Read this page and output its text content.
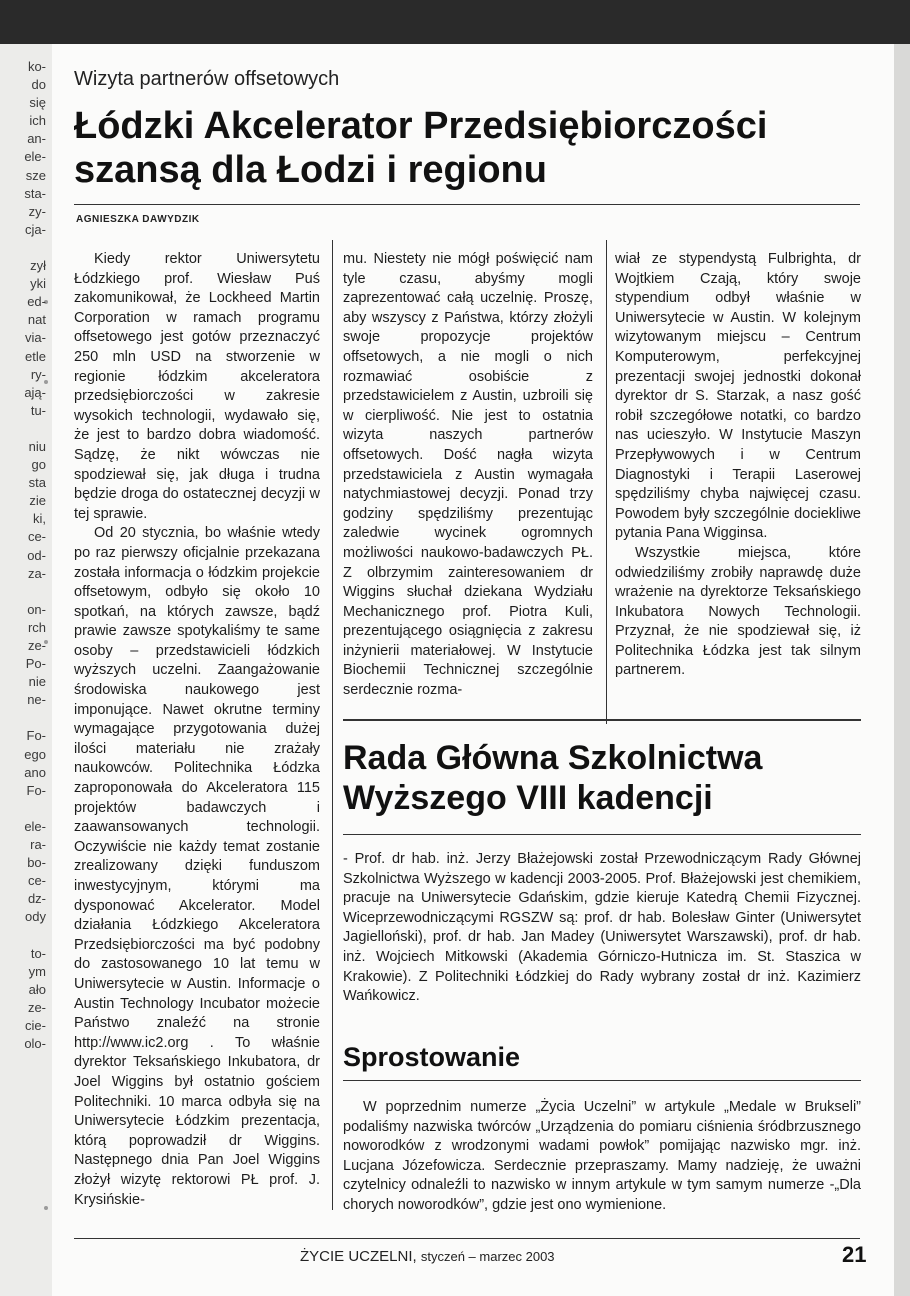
ko-
do
się
ich
an-
ele-
sze
sta-
zy-
cja-

zył
yki
ed-
nat
via-
etle
ry-
ają-
tu-

niu
go
sta
zie
ki,
ce-
od-
za-

on-
rch
ze-
Po-
nie
ne-

Fo-
ego
ano
Fo-

ele-
ra-
bo-
ce-
dz-
ody

to-
ym
ało
ze-
cie-
olo-
Wizyta partnerów offsetowych
Łódzki Akcelerator Przedsiębiorczości szansą dla Łodzi i regionu
AGNIESZKA DAWYDZIK

Kiedy rektor Uniwersytetu Łódzkiego prof. Wiesław Puś zakomunikował, że Lockheed Martin Corporation w ramach programu offsetowego jest gotów przeznaczyć 250 mln USD na stworzenie w regionie łódzkim akceleratora przedsiębiorczości w zakresie wysokich technologii, wydawało się, że jest to bardzo dobra wiadomość. Sądzę, że nikt wówczas nie spodziewał się, jak długa i trudna będzie droga do ostatecznej decyzji w tej sprawie.

Od 20 stycznia, bo właśnie wtedy po raz pierwszy oficjalnie przekazana została informacja o łódzkim projekcie offsetowym, odbyło się około 10 spotkań, na których zawsze, bądź prawie zawsze spotykaliśmy te same osoby – przedstawicieli łódzkich wyższych uczelni. Zaangażowanie środowiska naukowego jest imponujące. Nawet okrutne terminy wymagające przygotowania dużej ilości materiału nie zrażały naukowców. Politechnika Łódzka zaproponowała do Akceleratora 115 projektów badawczych i zaawansowanych technologii. Oczywiście nie każdy temat zostanie zrealizowany dzięki funduszom inwestycyjnym, którymi ma dysponować Akcelerator. Model działania Łódzkiego Akceleratora Przedsiębiorczości ma być podobny do zastosowanego 10 lat temu w Uniwersytecie w Austin. Informacje o Austin Technology Incubator możecie Państwo znaleźć na stronie http://www.ic2.org . To właśnie dyrektor Teksańskiego Inkubatora, dr Joel Wiggins był ostatnio gościem Politechniki. 10 marca odbyła się na Uniwersytecie Łódzkim prezentacja, którą poprowadził dr Wiggins. Następnego dnia Pan Joel Wiggins złożył wizytę rektorowi PŁ prof. J. Krysińskie-

mu. Niestety nie mógł poświęcić nam tyle czasu, abyśmy mogli zaprezentować całą uczelnię. Proszę, aby wszyscy z Państwa, którzy złożyli swoje propozycje projektów offsetowych, a nie mogli o nich rozmawiać osobiście z przedstawicielem z Austin, uzbroili się w cierpliwość. Nie jest to ostatnia wizyta naszych partnerów offsetowych. Dość nagła wizyta przedstawiciela z Austin wymagała natychmiastowej decyzji. Ponad trzy godziny spędziliśmy prezentując zaledwie wycinek ogromnych możliwości naukowo-badawczych PŁ. Z olbrzymim zainteresowaniem dr Wiggins słuchał dziekana Wydziału Mechanicznego prof. Piotra Kuli, prezentującego osiągnięcia z zakresu inżynierii materiałowej. W Instytucie Biochemii Technicznej szczególnie serdecznie rozma-

wiał ze stypendystą Fulbrighta, dr Wojtkiem Czają, który swoje stypendium odbył właśnie w Uniwersytecie w Austin. W kolejnym wizytowanym miejscu – Centrum Komputerowym, perfekcyjnej prezentacji swojej jednostki dokonał dyrektor dr S. Starzak, a nasz gość robił szczegółowe notatki, co bardzo nas ucieszyło. W Instytucie Maszyn Przepływowych i w Centrum Diagnostyki i Terapii Laserowej spędziliśmy chyba najwięcej czasu. Powodem były szczególnie dociekliwe pytania Pana Wigginsa.

Wszystkie miejsca, które odwiedziliśmy zrobiły naprawdę duże wrażenie na dyrektorze Teksańskiego Inkubatora Nowych Technologii. Przyznał, że nie spodziewał się, iż Politechnika Łódzka jest tak silnym partnerem.

Rada Główna Szkolnictwa Wyższego VIII kadencji

- Prof. dr hab. inż. Jerzy Błażejowski został Przewodniczącym Rady Głównej Szkolnictwa Wyższego w kadencji 2003-2005. Prof. Błażejowski jest chemikiem, pracuje na Uniwersytecie Gdańskim, gdzie kieruje Katedrą Chemii Fizycznej. Wiceprzewodniczącymi RGSZW są: prof. dr hab. Bolesław Ginter (Uniwersytet Jagielloński), prof. dr hab. Jan Madey (Uniwersytet Warszawski), prof. dr hab. inż. Wojciech Mitkowski (Akademia Górniczo-Hutnicza im. St. Staszica w Krakowie). Z Politechniki Łódzkiej do Rady wybrany został dr inż. Kazimierz Wańkowicz.

Sprostowanie

W poprzednim numerze „Życia Uczelni” w artykule „Medale w Brukseli” podaliśmy nazwiska twórców „Urządzenia do pomiaru ciśnienia śródbrzusznego noworodków z wrodzonymi wadami powłok” pomijając nazwisko mgr. inż. Lucjana Józefowicza. Serdecznie przepraszamy. Mamy nadzieję, że uważni czytelnicy odnaleźli to nazwisko w innym artykule w tym samym numerze -„Dla chorych noworodków”, gdzie jest ono wymienione.

ŻYCIE UCZELNI, styczeń – marzec 2003	21
